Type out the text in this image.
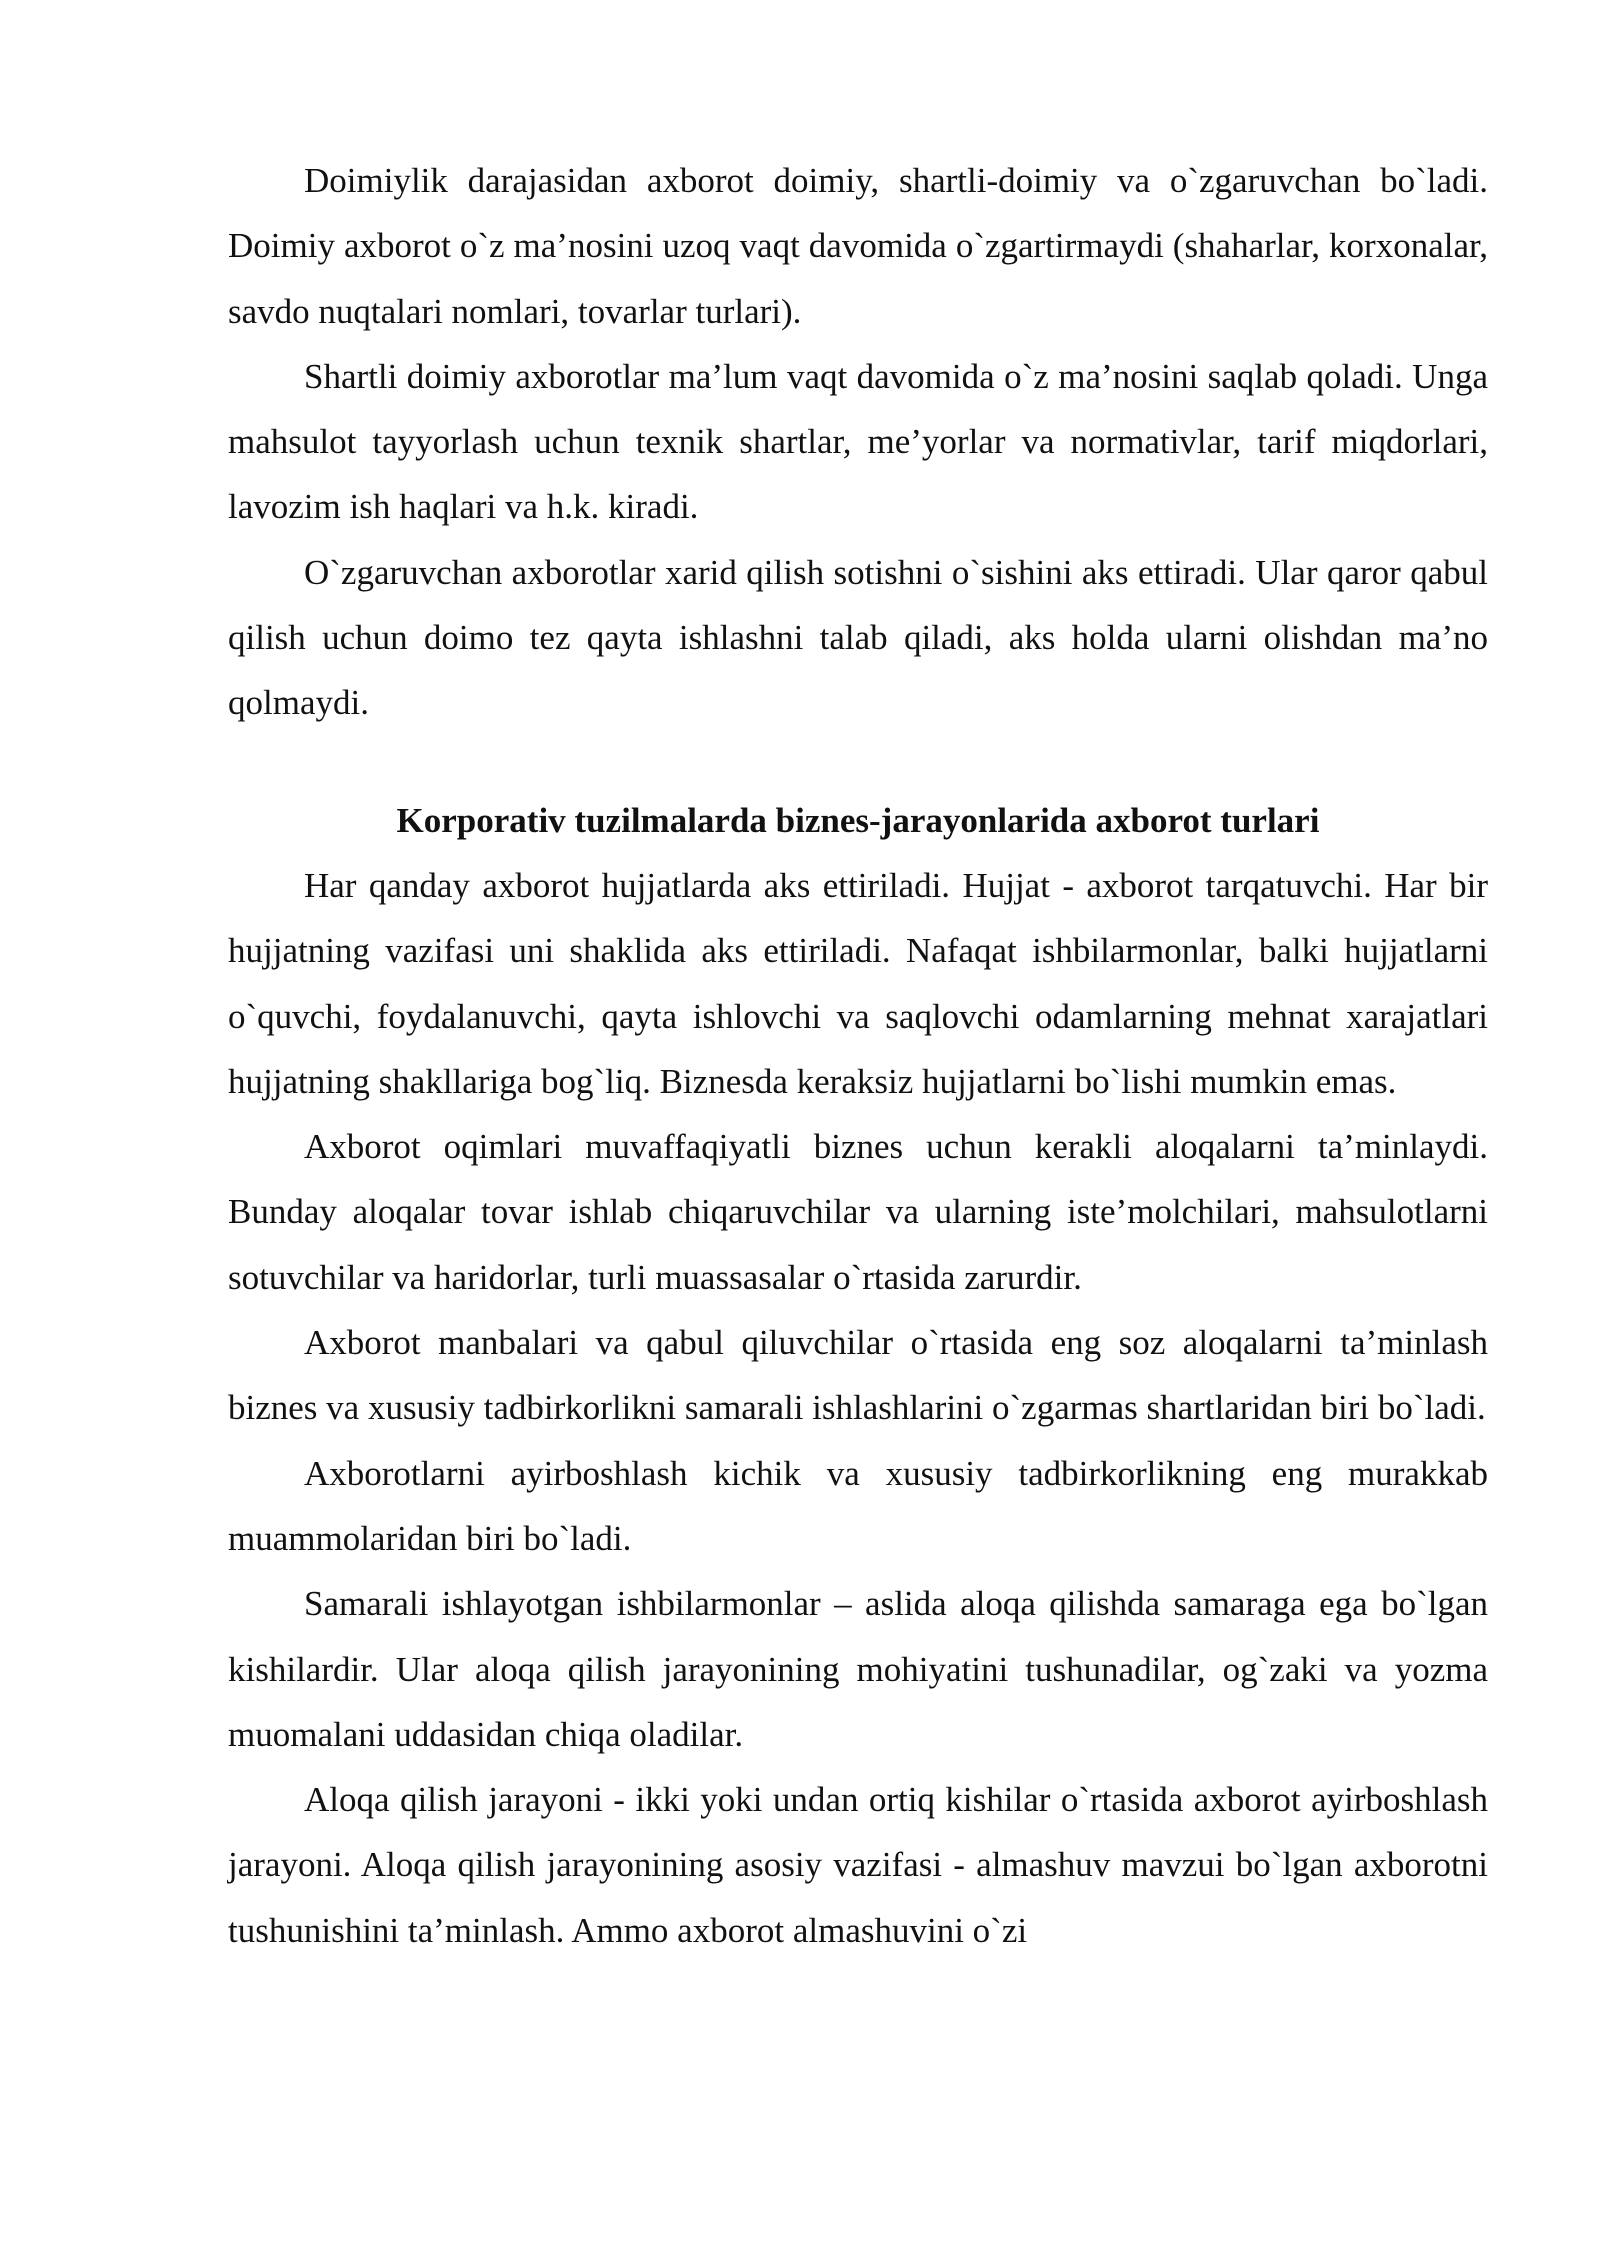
Doimiylik darajasidan axborot doimiy, shartli-doimiy va o`zgaruvchan bo`ladi. Doimiy axborot o`z ma’nosini uzoq vaqt davomida o`zgartirmaydi (shaharlar, korxonalar, savdo nuqtalari nomlari, tovarlar turlari).

Shartli doimiy axborotlar ma’lum vaqt davomida o`z ma’nosini saqlab qoladi. Unga mahsulot tayyorlash uchun texnik shartlar, me’yorlar va normativlar, tarif miqdorlari, lavozim ish haqlari va h.k. kiradi.

O`zgaruvchan axborotlar xarid qilish sotishni o`sishini aks ettiradi. Ular qaror qabul qilish uchun doimo tez qayta ishlashni talab qiladi, aks holda ularni olishdan ma’no qolmaydi.

Korporativ tuzilmalarda biznes-jarayonlarida axborot turlari

Har qanday axborot hujjatlarda aks ettiriladi. Hujjat - axborot tarqatuvchi. Har bir hujjatning vazifasi uni shaklida aks ettiriladi. Nafaqat ishbilarmonlar, balki hujjatlarni o`quvchi, foydalanuvchi, qayta ishlovchi va saqlovchi odamlarning mehnat xarajatlari hujjatning shakllariga bog`liq. Biznesda keraksiz hujjatlarni bo`lishi mumkin emas.

Axborot oqimlari muvaffaqiyatli biznes uchun kerakli aloqalarni ta’minlaydi. Bunday aloqalar tovar ishlab chiqaruvchilar va ularning iste’molchilari, mahsulotlarni sotuvchilar va haridorlar, turli muassasalar o`rtasida zarurdir.

Axborot manbalari va qabul qiluvchilar o`rtasida eng soz aloqalarni ta’minlash biznes va xususiy tadbirkorlikni samarali ishlashlarini o`zgarmas shartlaridan biri bo`ladi.

Axborotlarni ayirboshlash kichik va xususiy tadbirkorlikning eng murakkab muammolaridan biri bo`ladi.

Samarali ishlayotgan ishbilarmonlar – aslida aloqa qilishda samaraga ega bo`lgan kishilardir. Ular aloqa qilish jarayonining mohiyatini tushunadilar, og`zaki va yozma muomalani uddasidan chiqa oladilar.

Aloqa qilish jarayoni - ikki yoki undan ortiq kishilar o`rtasida axborot ayirboshlash jarayoni. Aloqa qilish jarayonining asosiy vazifasi - almashuv mavzui bo`lgan axborotni tushunishini ta’minlash. Ammo axborot almashuvini o`zi
